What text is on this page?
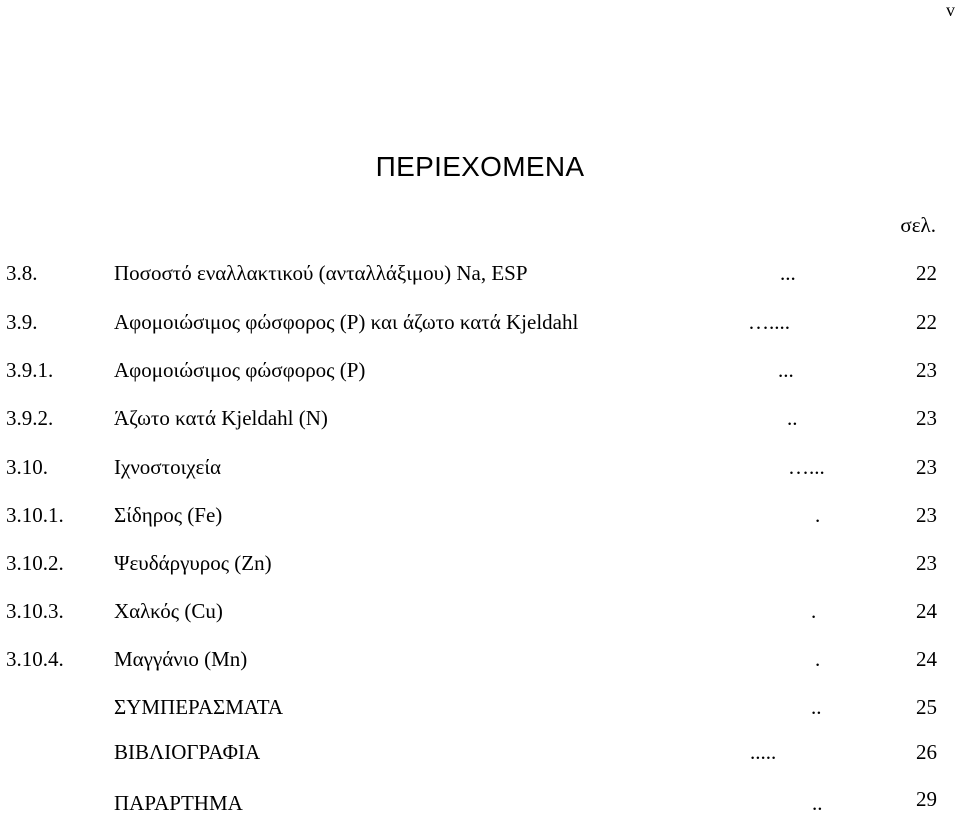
v
ΠΕΡΙΕΧΟΜΕΝΑ
σελ.
3.8.	Ποσοστό εναλλακτικού (ανταλλάξιμου) Na, ESP	...	22
3.9.	Αφομοιώσιμος φώσφορος (P) και άζωτο κατά Kjeldahl	…....	22
3.9.1.	Αφομοιώσιμος φώσφορος (P)	...	23
3.9.2.	Άζωτο κατά Kjeldahl (N)	..	23
3.10.	Ιχνοστοιχεία	…...	23
3.10.1. Σίδηρος (Fe)	.	23
3.10.2. Ψευδάργυρος (Zn)	23
3.10.3. Χαλκός (Cu)	.	24
3.10.4. Μαγγάνιο (Mn)	.	24
ΣΥΜΠΕΡΑΣΜΑΤΑ	..	25
ΒΙΒΛΙΟΓΡΑΦΙΑ	.....	26
ΠΑΡΑΡΤΗΜΑ	..	29
